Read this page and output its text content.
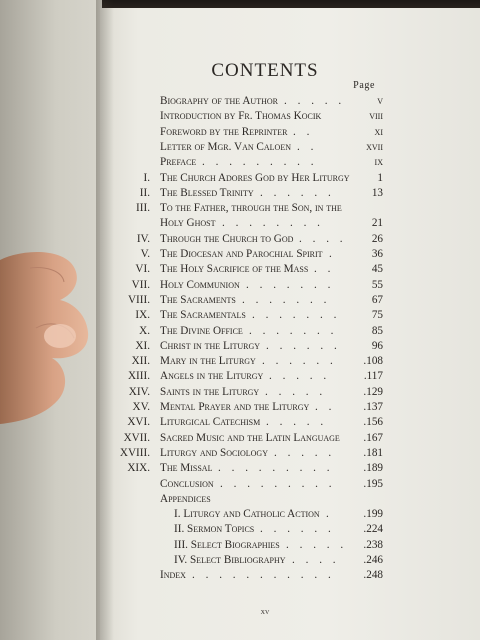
CONTENTS
Page
Biography of the Author . . . . .	v
Introduction by Fr. Thomas Kocik	viii
Foreword by the Reprinter . .	xi
Letter of Mgr. Van Caloen . .	xvii
Preface . . . . . . . . .	ix
I. The Church Adores God by Her Liturgy 1
II. The Blessed Trinity . . . . . .	13
III. To the Father, through the Son, in the
Holy Ghost . . . . . . . .	21
IV. Through the Church to God . . . . 26
V. The Diocesan and Parochial Spirit .	36
VI. The Holy Sacrifice of the Mass . .	45
VII. Holy Communion . . . . . . .	55
VIII. The Sacraments . . . . . . .	67
IX. The Sacramentals . . . . . . .	75
X. The Divine Office . . . . . . .	85
XI. Christ in the Liturgy . . . . . .	96
XII. Mary in the Liturgy . . . . . . .108
XIII. Angels in the Liturgy . . . . .	.117
XIV. Saints in the Liturgy . . . . .	.129
XV. Mental Prayer and the Liturgy . .	.137
XVI. Liturgical Catechism . . . . .	.156
XVII. Sacred Music and the Latin Language .167
XVIII. Liturgy and Sociology . . . . .	.181
XIX. The Missal . . . . . . . . .	.189
Conclusion . . . . . . . . . .195
Appendices
I. Liturgy and Catholic Action .	.199
II. Sermon Topics . . . . . .	.224
III. Select Biographies . . . . . .238
IV. Select Bibliography . . . . .246
Index . . . . . . . . . . .	.248
xv
